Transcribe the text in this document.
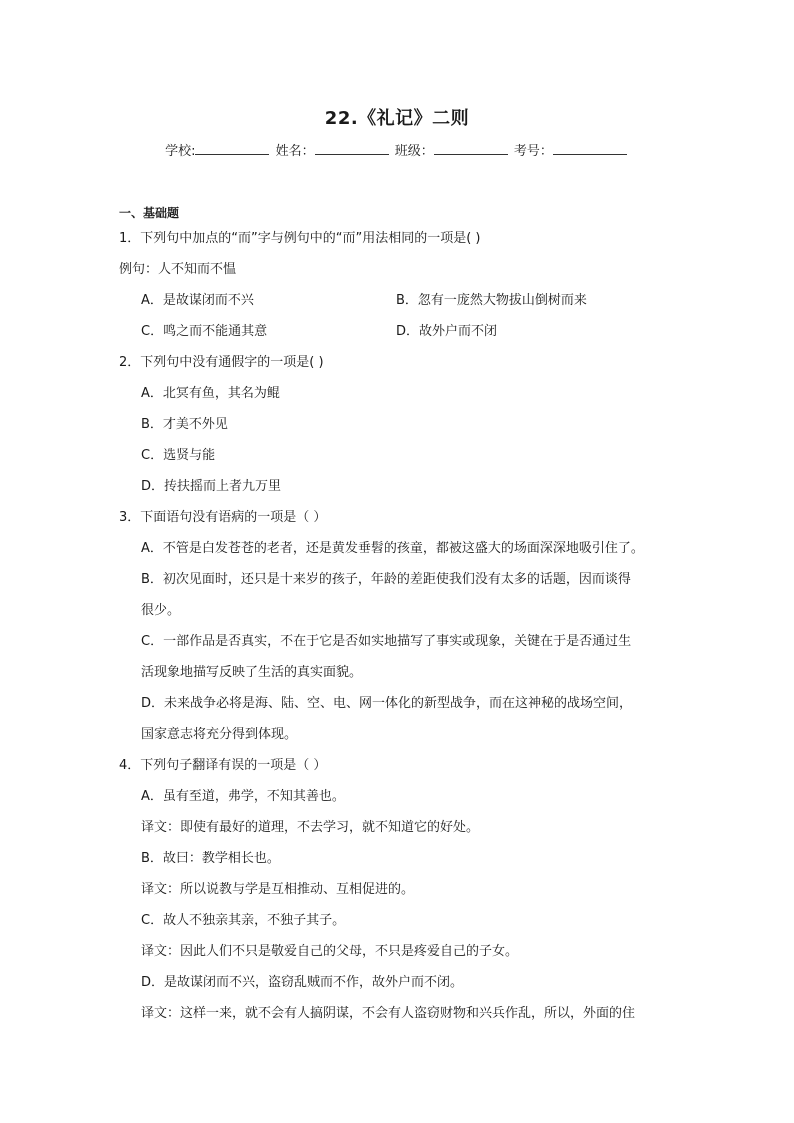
22.《礼记》二则
学校:	姓名：	班级：	考号：
一、基础题
1．下列句中加点的“而”字与例句中的“而”用法相同的一项是( )
例句：人不知而不愠
A．是故谋闭而不兴	B．忽有一庞然大物拔山倒树而来
C．鸣之而不能通其意	D．故外户而不闭
2．下列句中没有通假字的一项是( )
A．北冥有鱼，其名为鲲
B．才美不外见
C．选贤与能
D．抟扶摇而上者九万里
3．下面语句没有语病的一项是（ ）
A．不管是白发苍苍的老者，还是黄发垂髫的孩童，都被这盛大的场面深深地吸引住了。
B．初次见面时，还只是十来岁的孩子，年龄的差距使我们没有太多的话题，因而谈得
很少。
C．一部作品是否真实，不在于它是否如实地描写了事实或现象，关键在于是否通过生
活现象地描写反映了生活的真实面貌。
D．未来战争必将是海、陆、空、电、网一体化的新型战争，而在这神秘的战场空间，
国家意志将充分得到体现。
4．下列句子翻译有误的一项是（ ）
A．虽有至道，弗学，不知其善也。
译文：即使有最好的道理，不去学习，就不知道它的好处。
B．故曰：教学相长也。
译文：所以说教与学是互相推动、互相促进的。
C．故人不独亲其亲，不独子其子。
译文：因此人们不只是敬爱自己的父母，不只是疼爱自己的子女。
D．是故谋闭而不兴，盗窃乱贼而不作，故外户而不闭。
译文：这样一来，就不会有人搞阴谋，不会有人盗窃财物和兴兵作乱，所以，外面的住
